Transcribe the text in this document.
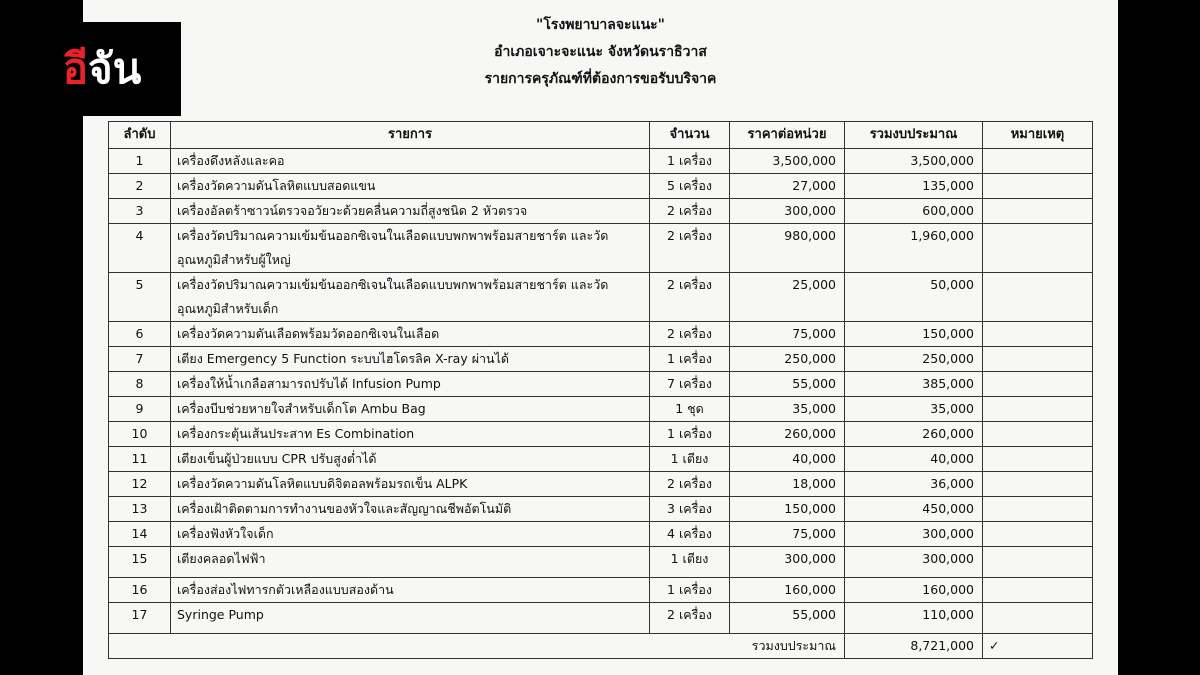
อี จัน
"โรงพยาบาลจะแนะ"
อำเภอเจาะจะแนะ จังหวัดนราธิวาส
รายการครุภัณฑ์ที่ต้องการขอรับบริจาค
ลำดับ	รายการ	จำนวน	ราคาต่อหน่วย	รวมงบประมาณ	หมายเหตุ
1	เครื่องดึงหลังและคอ	1 เครื่อง	3,500,000	3,500,000	
2	เครื่องวัดความดันโลหิตแบบสอดแขน	5 เครื่อง	27,000	135,000	
3	เครื่องอัลตร้าซาวน์ตรวจอวัยวะด้วยคลื่นความถี่สูงชนิด 2 หัวตรวจ	2 เครื่อง	300,000	600,000	
4	เครื่องวัดปริมาณความเข้มข้นออกซิเจนในเลือดแบบพกพาพร้อมสายชาร์ต และวัดอุณหภูมิสำหรับผู้ใหญ่	2 เครื่อง	980,000	1,960,000	
5	เครื่องวัดปริมาณความเข้มข้นออกซิเจนในเลือดแบบพกพาพร้อมสายชาร์ต และวัดอุณหภูมิสำหรับเด็ก	2 เครื่อง	25,000	50,000	
6	เครื่องวัดความดันเลือดพร้อมวัดออกซิเจนในเลือด	2 เครื่อง	75,000	150,000	
7	เตียง Emergency 5 Function ระบบไฮโดรลิค X-ray ผ่านได้	1 เครื่อง	250,000	250,000	
8	เครื่องให้น้ำเกลือสามารถปรับได้ Infusion Pump	7 เครื่อง	55,000	385,000	
9	เครื่องบีบช่วยหายใจสำหรับเด็กโต Ambu Bag	1 ชุด	35,000	35,000	
10	เครื่องกระตุ้นเส้นประสาท Es Combination	1 เครื่อง	260,000	260,000	
11	เตียงเข็นผู้ป่วยแบบ CPR ปรับสูงต่ำได้	1 เตียง	40,000	40,000	
12	เครื่องวัดความดันโลหิตแบบดิจิตอลพร้อมรถเข็น ALPK	2 เครื่อง	18,000	36,000	
13	เครื่องเฝ้าติดตามการทำงานของหัวใจและสัญญาณชีพอัตโนมัติ	3 เครื่อง	150,000	450,000	
14	เครื่องฟังหัวใจเด็ก	4 เครื่อง	75,000	300,000	
15	เตียงคลอดไฟฟ้า	1 เตียง	300,000	300,000	
16	เครื่องส่องไฟทารกตัวเหลืองแบบสองด้าน	1 เครื่อง	160,000	160,000	
17	Syringe Pump	2 เครื่อง	55,000	110,000	
		รวมงบประมาณ		8,721,000	✓
